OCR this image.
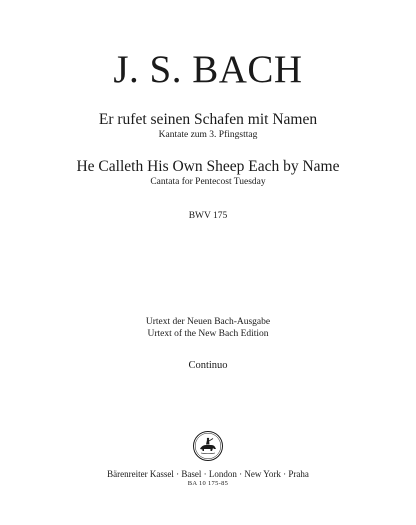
J. S. BACH
Er rufet seinen Schafen mit Namen
Kantate zum 3. Pfingsttag
He Calleth His Own Sheep Each by Name
Cantata for Pentecost Tuesday
BWV 175
Urtext der Neuen Bach-Ausgabe
Urtext of the New Bach Edition
Continuo
Bärenreiter Kassel · Basel · London · New York · Praha
BA 10 175-85
